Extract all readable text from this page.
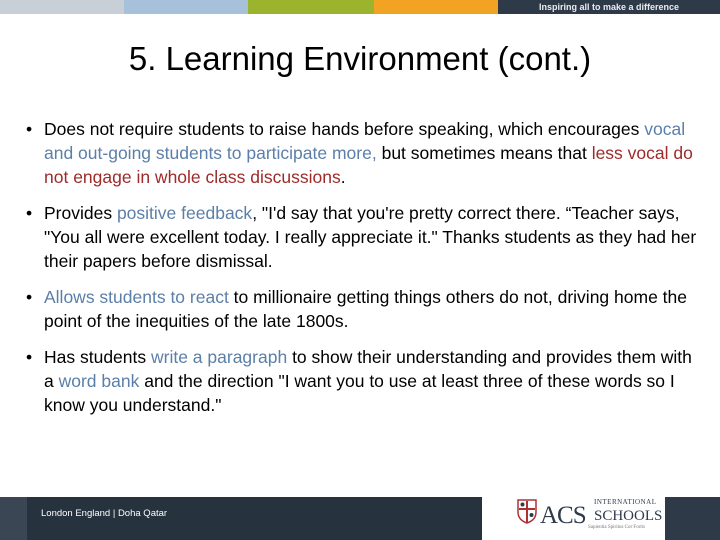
Inspiring all to make a difference
5. Learning Environment (cont.)
• Does not require students to raise hands before speaking, which encourages vocal and out-going students to participate more, but sometimes means that less vocal do not engage in whole class discussions.
• Provides positive feedback, "I'd say that you're pretty correct there. “Teacher says, "You all were excellent today. I really appreciate it." Thanks students as they had her their papers before dismissal.
• Allows students to react to millionaire getting things others do not, driving home the point of the inequities of the late 1800s.
• Has students write a paragraph to show their understanding and provides them with a word bank and the direction "I want you to use at least three of these words so I know you understand."
London England | Doha Qatar	ACS INTERNATIONAL
SCHOOLS
Sapientia Spiritus Cor Fortis
